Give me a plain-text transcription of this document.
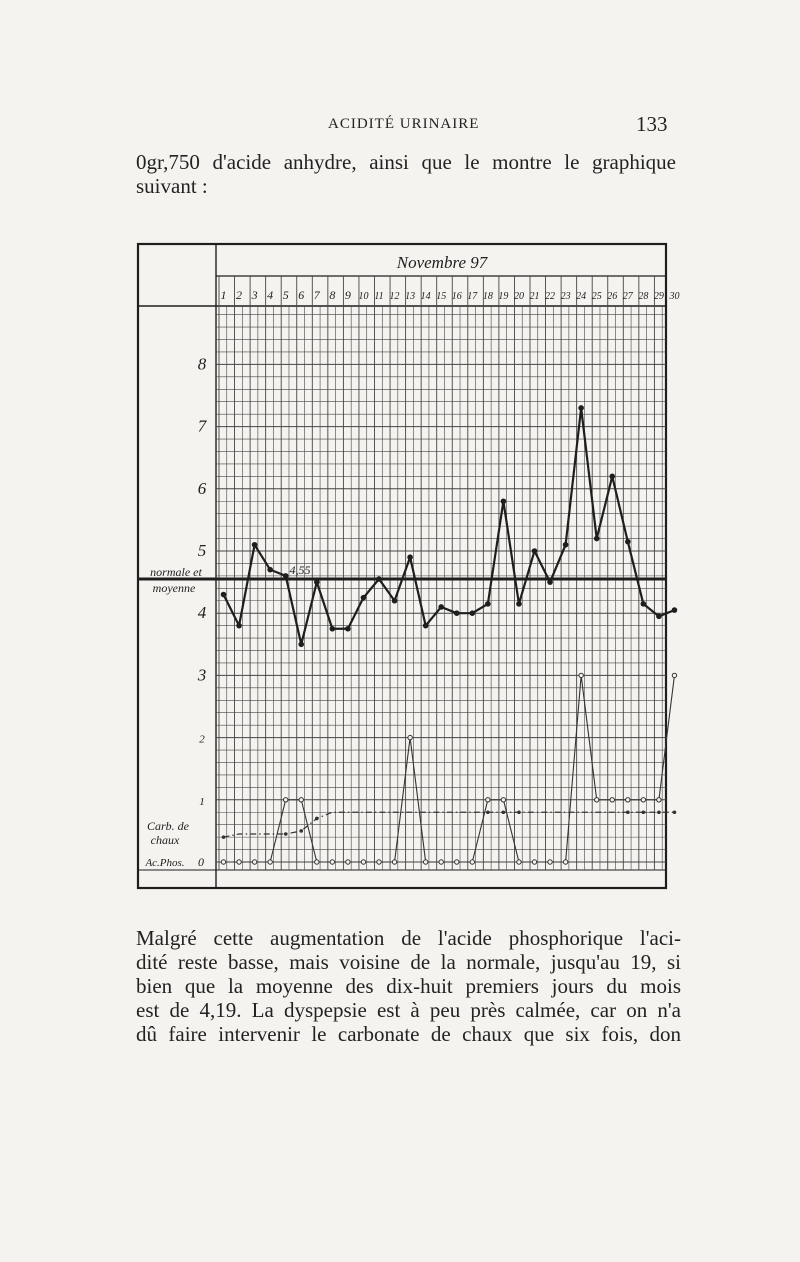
ACIDITÉ URINAIRE	133
0gr,750 d'acide anhydre, ainsi que le montre le graphique
suivant :
Novembre 97
1 2 3 4 5 6 7 8 9 10 11 12 13 14 15 16 17 18 19 20 21 22 23 24 25 26 27 28 29 30
8
7
6
5
4
3
2
1
0
normale et
moyenne
Carb. de
chaux
Ac.Phos.
4,55
Malgré cette augmentation de l'acide phosphorique l'aci-
dité reste basse, mais voisine de la normale, jusqu'au 19, si
bien que la moyenne des dix-huit premiers jours du mois
est de 4,19. La dyspepsie est à peu près calmée, car on n'a
dû faire intervenir le carbonate de chaux que six fois, don
